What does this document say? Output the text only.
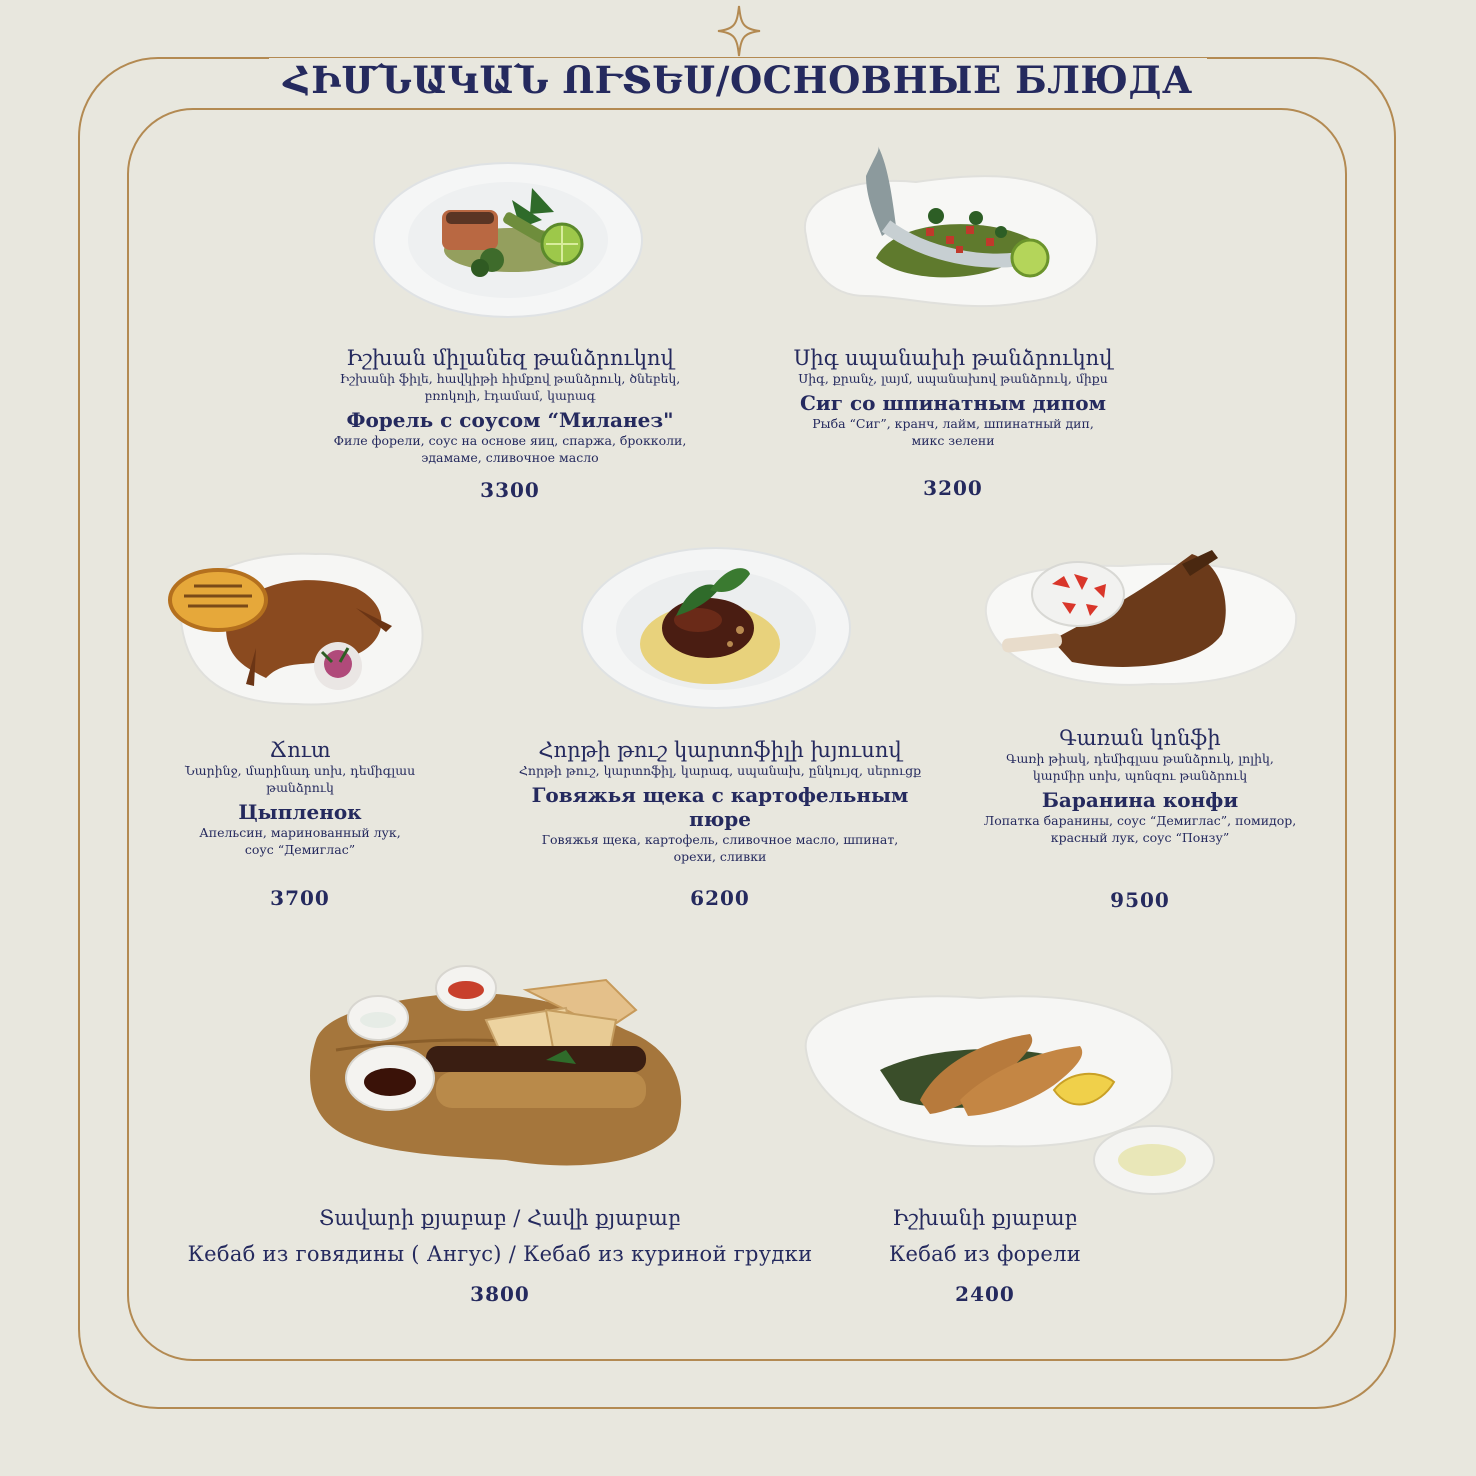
ՀԻՄՆԱԿԱՆ ՈՒՏԵՍ/ОСНОВНЫЕ БЛЮДА
Իշխան միլանեզ թանձրուկով
Իշխանի ֆիլե, հավկիթի հիմքով թանձրուկ, ծնեբեկ, բռոկոլի, էդամամ, կարագ
Форель с соусом “Миланез"
Филе форели, соус на основе яиц, спаржа, брокколи, эдамаме, сливочное масло
3300
Սիգ սպանախի թանձրուկով
Սիգ, քրանչ, լայմ, սպանախով թանձրուկ, միքս
Сиг со шпинатным дипом
Рыба “Сиг”, кранч, лайм, шпинатный дип, микс зелени
3200
Ճուտ
Նարինջ, մարինադ սոխ, դեմիգլաս թանձրուկ
Цыпленок
Апельсин, маринованный лук, соус “Демиглас”
3700
Հորթի թուշ կարտոֆիլի խյուսով
Հորթի թուշ, կարտոֆիլ, կարագ, սպանախ, ընկույզ, սերուցք
Говяжья щека с картофельным пюре
Говяжья щека, картофель, сливочное масло, шпинат, орехи, сливки
6200
Գառան կոնֆի
Գառի թիակ, դեմիգլաս թանձրուկ, լոլիկ, կարմիր սոխ, պոնզու թանձրուկ
Баранина конфи
Лопатка баранины, соус “Демиглас”, помидор, красный лук, соус “Понзу”
9500
Տավարի քյաբաբ / Հավի քյաբաբ
Кебаб из говядины ( Ангус) / Кебаб из куриной грудки
3800
Իշխանի քյաբաբ
Кебаб из форели
2400
